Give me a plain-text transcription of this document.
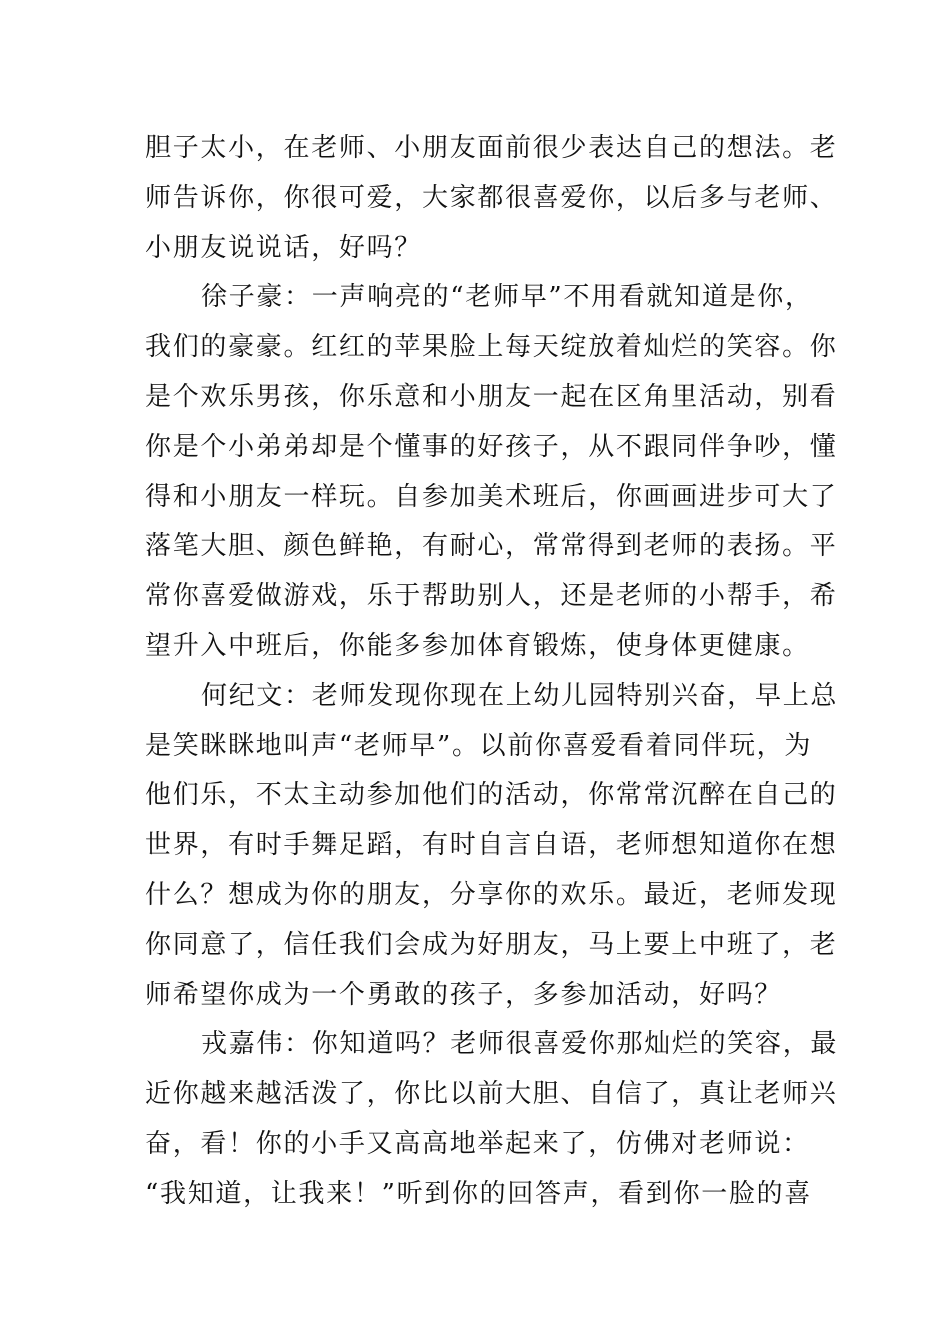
胆子太小，在老师、小朋友面前很少表达自己的想法。老
师告诉你，你很可爱，大家都很喜爱你，以后多与老师、
小朋友说说话，好吗？
徐子豪：一声响亮的“老师早”不用看就知道是你，
我们的豪豪。红红的苹果脸上每天绽放着灿烂的笑容。你
是个欢乐男孩，你乐意和小朋友一起在区角里活动，别看
你是个小弟弟却是个懂事的好孩子，从不跟同伴争吵，懂
得和小朋友一样玩。自参加美术班后，你画画进步可大了
落笔大胆、颜色鲜艳，有耐心，常常得到老师的表扬。平
常你喜爱做游戏，乐于帮助别人，还是老师的小帮手，希
望升入中班后，你能多参加体育锻炼，使身体更健康。
何纪文：老师发现你现在上幼儿园特别兴奋，早上总
是笑眯眯地叫声“老师早”。以前你喜爱看着同伴玩，为
他们乐，不太主动参加他们的活动，你常常沉醉在自己的
世界，有时手舞足蹈，有时自言自语，老师想知道你在想
什么？想成为你的朋友，分享你的欢乐。最近，老师发现
你同意了，信任我们会成为好朋友，马上要上中班了，老
师希望你成为一个勇敢的孩子，多参加活动，好吗？
戎嘉伟：你知道吗？老师很喜爱你那灿烂的笑容，最
近你越来越活泼了，你比以前大胆、自信了，真让老师兴
奋，看！你的小手又高高地举起来了，仿佛对老师说：
“我知道，让我来！”听到你的回答声，看到你一脸的喜
